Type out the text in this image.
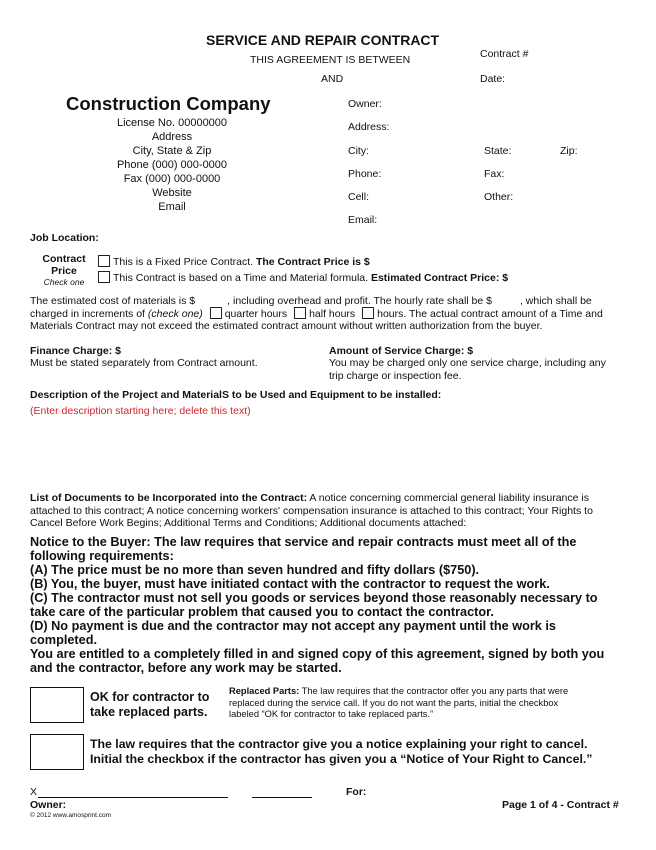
SERVICE AND REPAIR CONTRACT
THIS AGREEMENT IS BETWEEN
AND
Contract #
Date:
Construction Company
License No. 00000000
Address
City, State & Zip
Phone (000) 000-0000
Fax (000) 000-0000
Website
Email
Owner:
Address:
City:	State:	Zip:
Phone:	Fax:
Cell:	Other:
Email:
Job Location:
Contract
Price
Check one
This is a Fixed Price Contract. The Contract Price is $
This Contract is based on a Time and Material formula. Estimated Contract Price: $
The estimated cost of materials is $	, including overhead and profit. The hourly rate shall be $	, which shall be
charged in increments of (check one) quarter hours half hours hours. The actual contract amount of a Time and
Materials Contract may not exceed the estimated contract amount without written authorization from the buyer.
Finance Charge: $
Must be stated separately from Contract amount.
Amount of Service Charge: $
You may be charged only one service charge, including any
trip charge or inspection fee.
Description of the Project and MaterialS to be Used and Equipment to be installed:
(Enter description starting here; delete this text)
List of Documents to be Incorporated into the Contract: A notice concerning commercial general liability insurance is
attached to this contract; A notice concerning workers' compensation insurance is attached to this contract; Your Rights to
Cancel Before Work Begins; Additional Terms and Conditions; Additional documents attached:
Notice to the Buyer: The law requires that service and repair contracts must meet all of the
following requirements:
(A) The price must be no more than seven hundred and fifty dollars ($750).
(B) You, the buyer, must have initiated contact with the contractor to request the work.
(C) The contractor must not sell you goods or services beyond those reasonably necessary to
take care of the particular problem that caused you to contact the contractor.
(D) No payment is due and the contractor may not accept any payment until the work is
completed.
You are entitled to a completely filled in and signed copy of this agreement, signed by both you
and the contractor, before any work may be started.
OK for contractor to
take replaced parts.
Replaced Parts: The law requires that the contractor offer you any parts that were
replaced during the service call. If you do not want the parts, initial the checkbox
labeled “OK for contractor to take replaced parts.”
The law requires that the contractor give you a notice explaining your right to cancel.
Initial the checkbox if the contractor has given you a “Notice of Your Right to Cancel.”
X
Owner:
For:
Page 1 of 4 - Contract #
© 2012 www.amosprint.com
